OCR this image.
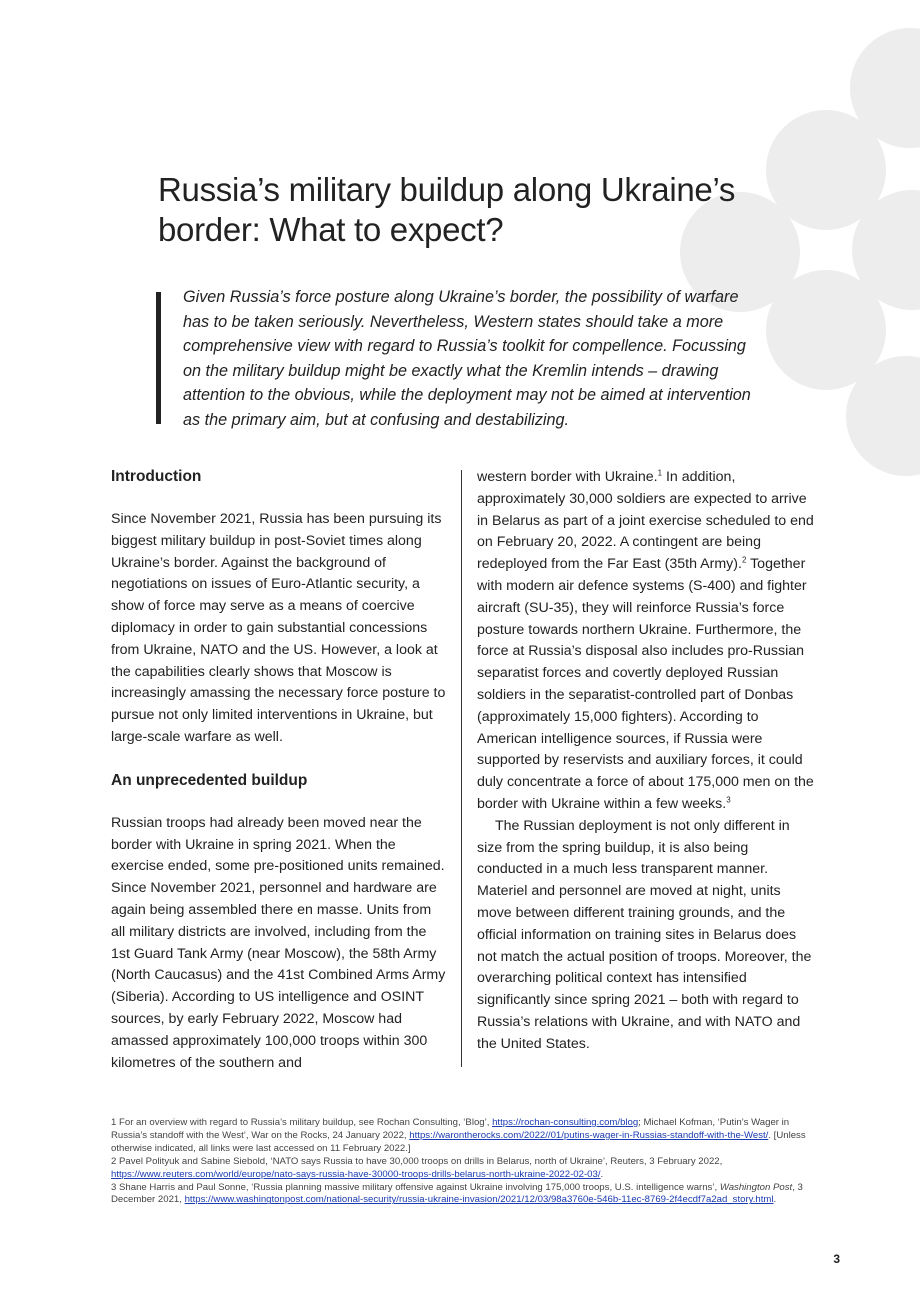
Russia’s military buildup along Ukraine’s border: What to expect?

Given Russia’s force posture along Ukraine’s border, the possibility of warfare has to be taken seriously. Nevertheless, Western states should take a more comprehensive view with regard to Russia’s toolkit for compellence. Focussing on the military buildup might be exactly what the Kremlin intends – drawing attention to the obvious, while the deployment may not be aimed at intervention as the primary aim, but at confusing and destabilizing.

Introduction

Since November 2021, Russia has been pursuing its biggest military buildup in post-Soviet times along Ukraine’s border. Against the background of negotiations on issues of Euro-Atlantic security, a show of force may serve as a means of coercive diplomacy in order to gain substantial concessions from Ukraine, NATO and the US. However, a look at the capabilities clearly shows that Moscow is increasingly amassing the necessary force posture to pursue not only limited interventions in Ukraine, but large-scale warfare as well.

An unprecedented buildup

Russian troops had already been moved near the border with Ukraine in spring 2021. When the exercise ended, some pre-positioned units remained. Since November 2021, personnel and hardware are again being assembled there en masse. Units from all military districts are involved, including from the 1st Guard Tank Army (near Moscow), the 58th Army (North Caucasus) and the 41st Combined Arms Army (Siberia). According to US intelligence and OSINT sources, by early February 2022, Moscow had amassed approximately 100,000 troops within 300 kilometres of the southern and

western border with Ukraine.$^1$ In addition, approximately 30,000 soldiers are expected to arrive in Belarus as part of a joint exercise scheduled to end on February 20, 2022. A contingent are being redeployed from the Far East (35th Army).$^2$ Together with modern air defence systems (S-400) and fighter aircraft (SU-35), they will reinforce Russia’s force posture towards northern Ukraine. Furthermore, the force at Russia’s disposal also includes pro-Russian separatist forces and covertly deployed Russian soldiers in the separatist-controlled part of Donbas (approximately 15,000 fighters). According to American intelligence sources, if Russia were supported by reservists and auxiliary forces, it could duly concentrate a force of about 175,000 men on the border with Ukraine within a few weeks.$^3$

The Russian deployment is not only different in size from the spring buildup, it is also being conducted in a much less transparent manner. Materiel and personnel are moved at night, units move between different training grounds, and the official information on training sites in Belarus does not match the actual position of troops. Moreover, the overarching political context has intensified significantly since spring 2021 – both with regard to Russia’s relations with Ukraine, and with NATO and the United States.

1 For an overview with regard to Russia’s military buildup, see Rochan Consulting, ‘Blog’, https://rochan-consulting.com/blog; Michael Kofman, ‘Putin’s Wager in Russia’s standoff with the West’, War on the Rocks, 24 January 2022, https://warontherocks.com/2022//01/putins-wager-in-Russias-standoff-with-the-West/. [Unless otherwise indicated, all links were last accessed on 11 February 2022.]

2 Pavel Polityuk and Sabine Siebold, ‘NATO says Russia to have 30,000 troops on drills in Belarus, north of Ukraine’, Reuters, 3 February 2022, https://www.reuters.com/world/europe/nato-says-russia-have-30000-troops-drills-belarus-north-ukraine-2022-02-03/.

3 Shane Harris and Paul Sonne, ‘Russia planning massive military offensive against Ukraine involving 175,000 troops, U.S. intelligence warns’, Washington Post, 3 December 2021, https://www.washingtonpost.com/national-security/russia-ukraine-invasion/2021/12/03/98a3760e-546b-11ec-8769-2f4ecdf7a2ad_story.html.

3
